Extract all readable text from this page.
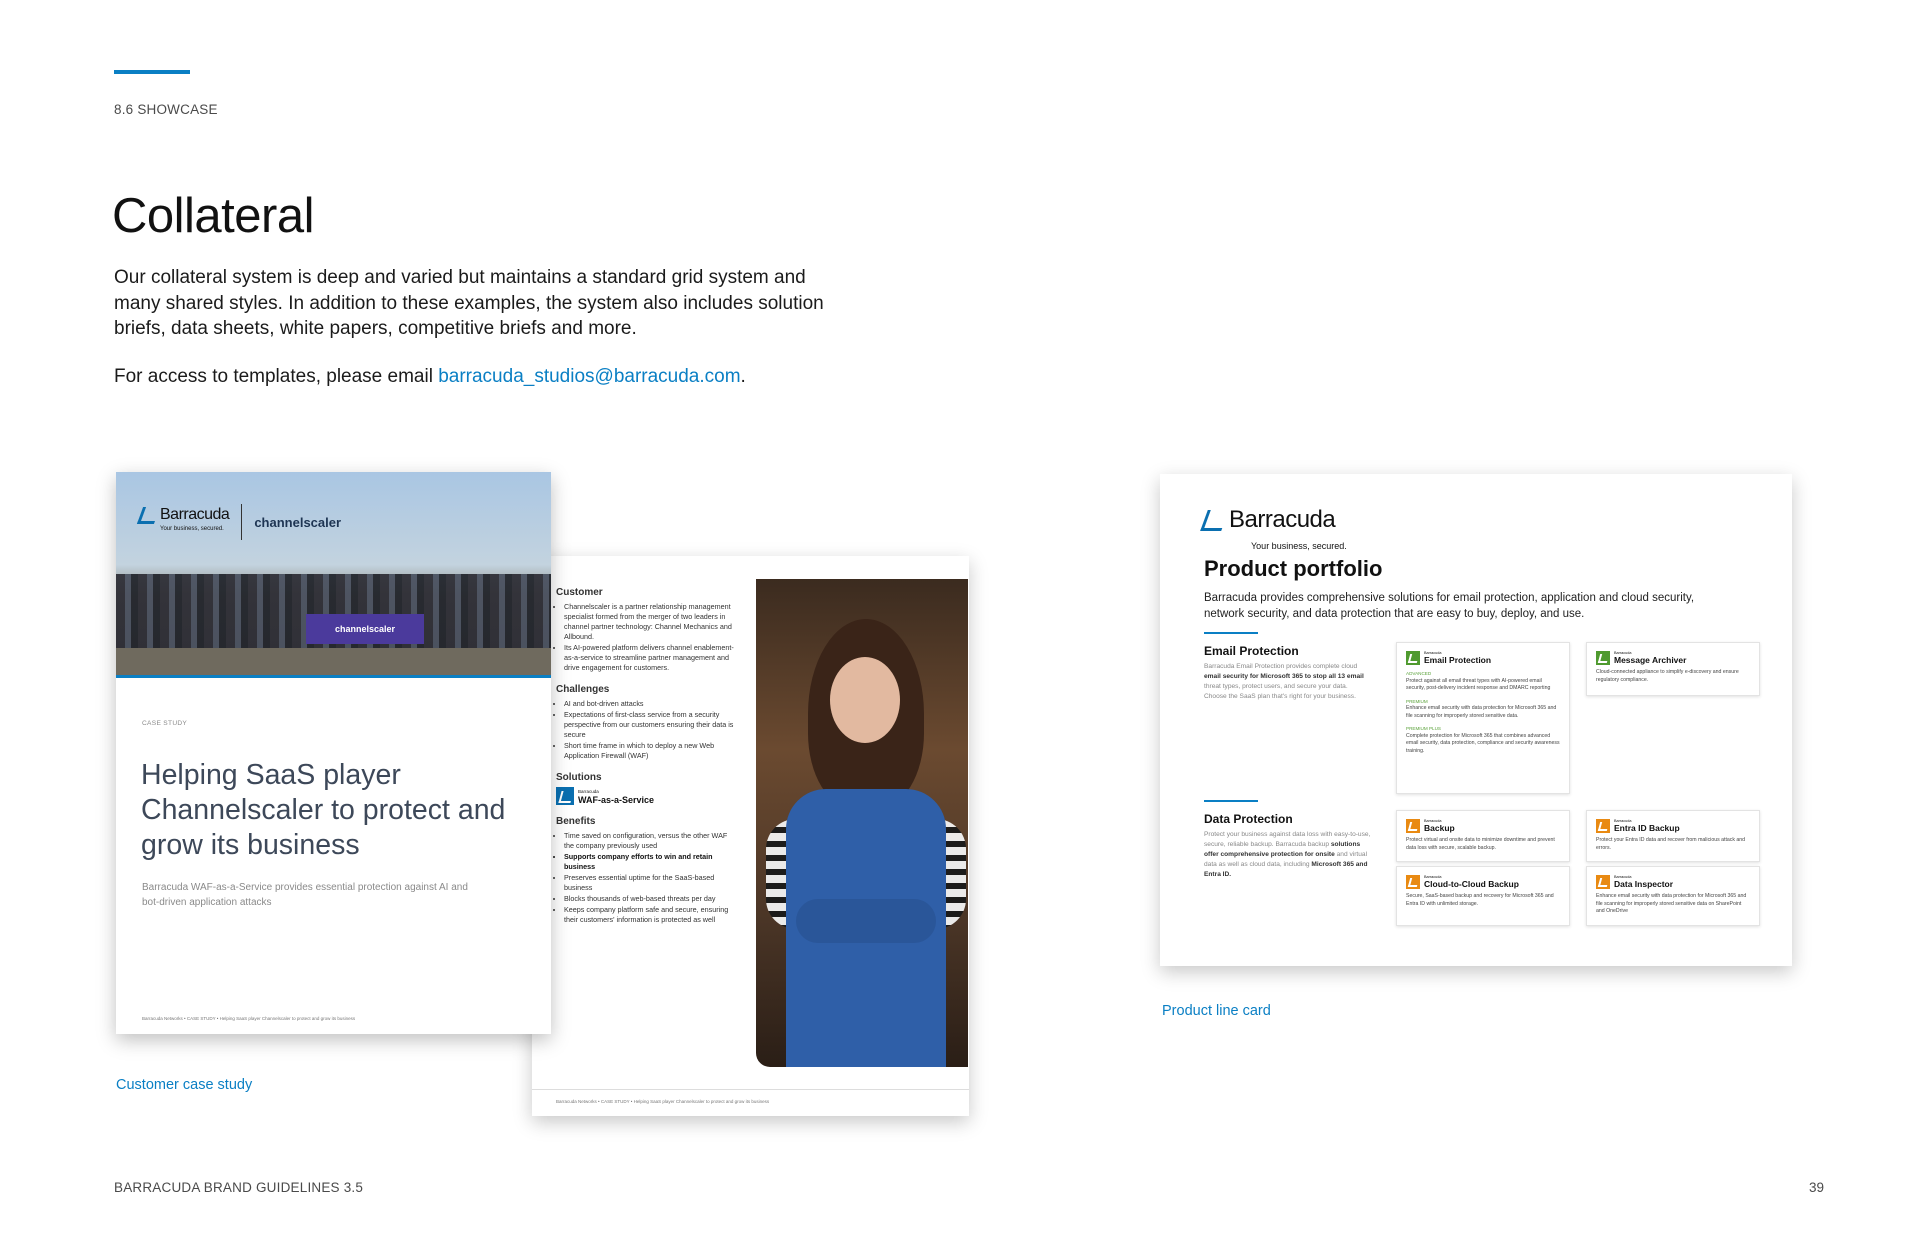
8.6 SHOWCASE
Collateral
Our collateral system is deep and varied but maintains a standard grid system and many shared styles. In addition to these examples, the system also includes solution briefs, data sheets, white papers, competitive briefs and more.
For access to templates, please email barracuda_studios@barracuda.com.
Customer
• Channelscaler is a partner relationship management specialist formed from the merger of two leaders in channel partner technology: Channel Mechanics and Allbound.
• Its AI-powered platform delivers channel enablement-as-a-service to streamline partner management and drive engagement for customers.
Challenges
• AI and bot-driven attacks
• Expectations of first-class service from a security perspective from our customers ensuring their data is secure
• Short time frame in which to deploy a new Web Application Firewall (WAF)
Solutions
Barracuda
WAF-as-a-Service
Benefits
• Time saved on configuration, versus the other WAF the company previously used
• Supports company efforts to win and retain business
• Preserves essential uptime for the SaaS-based business
• Blocks thousands of web-based threats per day
• Keeps company platform safe and secure, ensuring their customers' information is protected as well
Barracuda Networks • CASE STUDY • Helping SaaS player Channelscaler to protect and grow its business
channelscaler
Barracuda
Your business, secured.	channelscaler
CASE STUDY
Helping SaaS player Channelscaler to protect and grow its business
Barracuda WAF-as-a-Service provides essential protection against AI and bot-driven application attacks
Barracuda Networks • CASE STUDY • Helping SaaS player Channelscaler to protect and grow its business
Customer case study
Barracuda
Your business, secured.
Product portfolio
Barracuda provides comprehensive solutions for email protection, application and cloud security, network security, and data protection that are easy to buy, deploy, and use.
Email Protection
Barracuda Email Protection provides complete cloud email security for Microsoft 365 to stop all 13 email threat types, protect users, and secure your data. Choose the SaaS plan that's right for your business.
Barracuda
Email Protection
ADVANCED
Protect against all email threat types with AI-powered email security, post-delivery incident response and DMARC reporting
PREMIUM
Enhance email security with data protection for Microsoft 365 and file scanning for improperly stored sensitive data.
PREMIUM PLUS
Complete protection for Microsoft 365 that combines advanced email security, data protection, compliance and security awareness training.
Barracuda
Message Archiver
Cloud-connected appliance to simplify e-discovery and ensure regulatory compliance.
Data Protection
Protect your business against data loss with easy-to-use, secure, reliable backup. Barracuda backup solutions offer comprehensive protection for onsite and virtual data as well as cloud data, including Microsoft 365 and Entra ID.
Barracuda
Backup
Protect virtual and onsite data to minimize downtime and prevent data loss with secure, scalable backup.
Barracuda
Entra ID Backup
Protect your Entra ID data and recover from malicious attack and errors.
Barracuda
Cloud-to-Cloud Backup
Secure, SaaS-based backup and recovery for Microsoft 365 and Entra ID with unlimited storage.
Barracuda
Data Inspector
Enhance email security with data protection for Microsoft 365 and file scanning for improperly stored sensitive data on SharePoint and OneDrive
Product line card
BARRACUDA BRAND GUIDELINES 3.5	39
